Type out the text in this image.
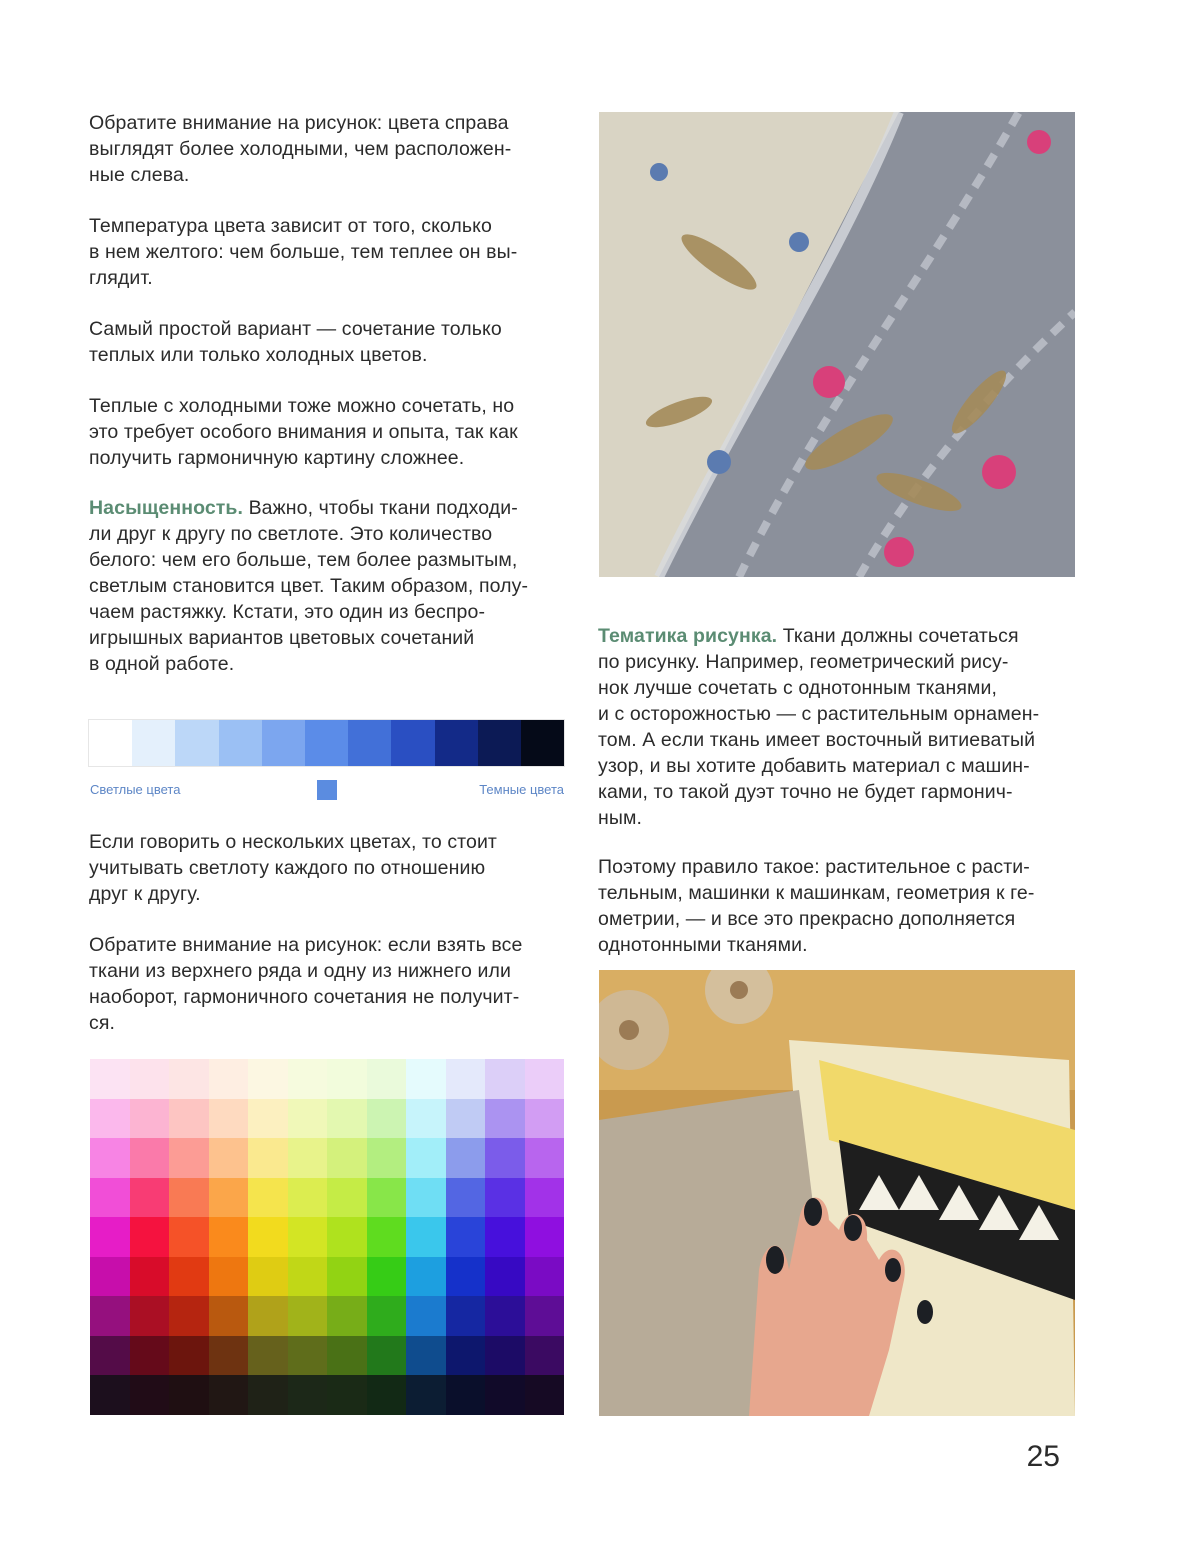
Обратите внимание на рисунок: цвета справа
выглядят более холодными, чем расположен-
ные слева.

Температура цвета зависит от того, сколько
в нем желтого: чем больше, тем теплее он вы-
глядит.

Самый простой вариант — сочетание только
теплых или только холодных цветов.

Теплые с холодными тоже можно сочетать, но
это требует особого внимания и опыта, так как
получить гармоничную картину сложнее.

Насыщенность. Важно, чтобы ткани подходи-
ли друг к другу по светлоте. Это количество
белого: чем его больше, тем более размытым,
светлым становится цвет. Таким образом, полу-
чаем растяжку. Кстати, это один из беспро-
игрышных вариантов цветовых сочетаний
в одной работе.

Если говорить о нескольких цветах, то стоит
учитывать светлоту каждого по отношению
друг к другу.

Обратите внимание на рисунок: если взять все
ткани из верхнего ряда и одну из нижнего или
наоборот, гармоничного сочетания не получит-
ся.

Светлые цвета	Темные цвета

Тематика рисунка. Ткани должны сочетаться
по рисунку. Например, геометрический рису-
нок лучше сочетать с однотонным тканями,
и с осторожностью — с растительным орнамен-
том. А если ткань имеет восточный витиеватый
узор, и вы хотите добавить материал с машин-
ками, то такой дуэт точно не будет гармонич-
ным.

Поэтому правило такое: растительное с расти-
тельным, машинки к машинкам, геометрия к ге-
ометрии, — и все это прекрасно дополняется
однотонными тканями.

25
